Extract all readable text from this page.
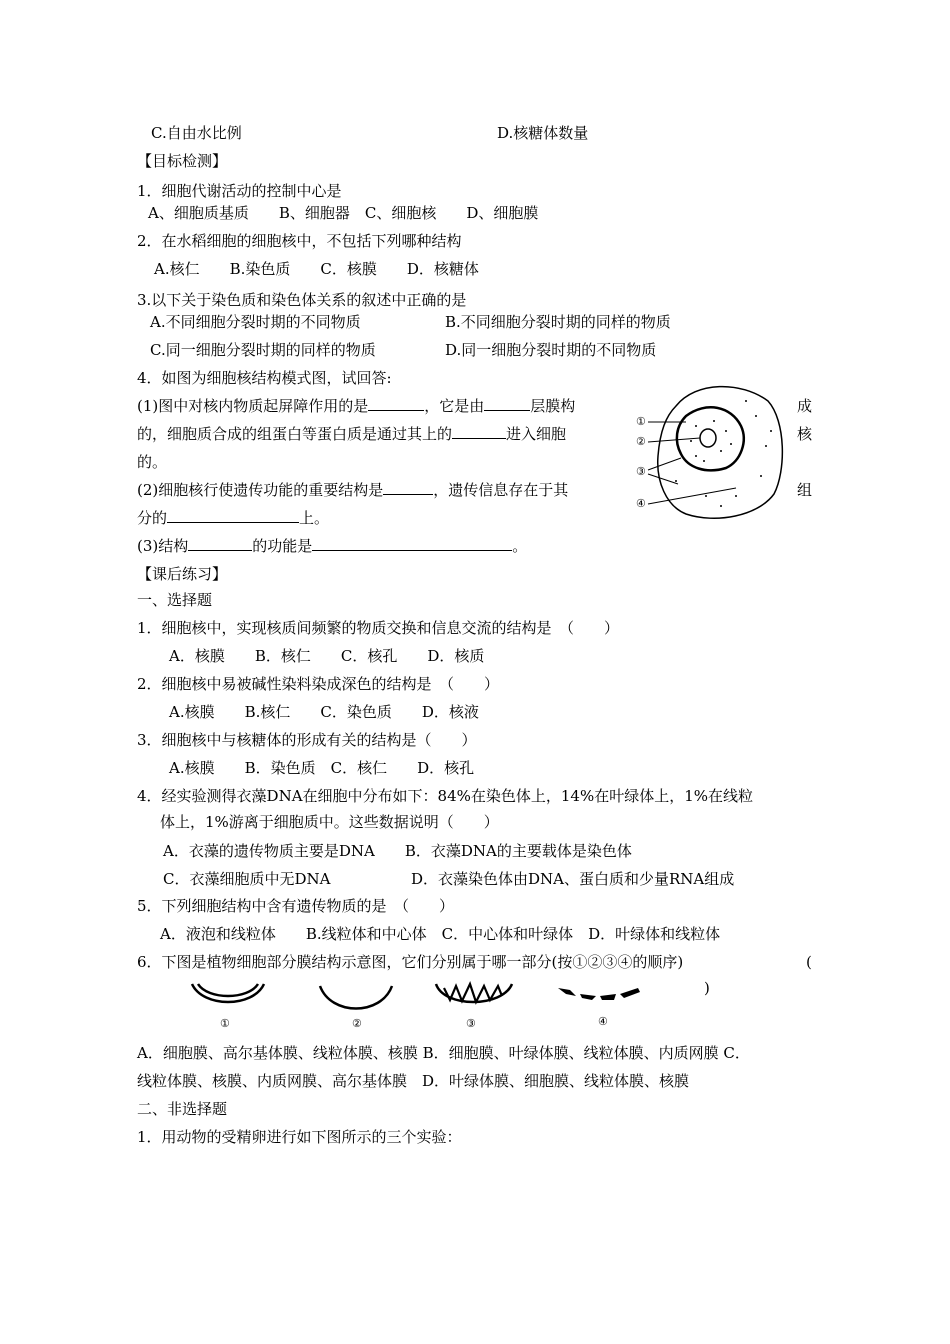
C.自由水比例	D.核糖体数量
【目标检测】
1．细胞代谢活动的控制中心是
A、细胞质基质　　B、细胞器　C、细胞核　　D、细胞膜
2．在水稻细胞的细胞核中，不包括下列哪种结构
A.核仁　　B.染色质　　C．核膜　　D．核糖体
3.以下关于染色质和染色体关系的叙述中正确的是
A.不同细胞分裂时期的不同物质	B.不同细胞分裂时期的同样的物质
C.同一细胞分裂时期的同样的物质	D.同一细胞分裂时期的不同物质
4．如图为细胞核结构模式图，试回答:
(1)图中对核内物质起屏障作用的是	，它是由	层膜构
的，细胞质合成的组蛋白等蛋白质是通过其上的	进入细胞
的。
(2)细胞核行使遗传功能的重要结构是	，遗传信息存在于其
分的	上。
(3)结构	的功能是	。
成
核
组
①
②
③
④
【课后练习】
一、选择题
1．细胞核中，实现核质间频繁的物质交换和信息交流的结构是　（　　）
A．核膜　　B．核仁　　C．核孔　　D．核质
2．细胞核中易被碱性染料染成深色的结构是　（　　）
A.核膜　　B.核仁　　C．染色质　　D．核液
3．细胞核中与核糖体的形成有关的结构是（　　）
A.核膜　　B．染色质　C．核仁　　D．核孔
4．经实验测得衣藻DNA在细胞中分布如下：84%在染色体上，14%在叶绿体上，1%在线粒
体上，1%游离于细胞质中。这些数据说明（　　）
A．衣藻的遗传物质主要是DNA　　B．衣藻DNA的主要载体是染色体
C．衣藻细胞质中无DNA	D．衣藻染色体由DNA、蛋白质和少量RNA组成
5．下列细胞结构中含有遗传物质的是　（　　）
A．液泡和线粒体　　B.线粒体和中心体　C．中心体和叶绿体　D．叶绿体和线粒体
6．下图是植物细胞部分膜结构示意图，它们分别属于哪一部分(按①②③④的顺序)	(
)
①	②	③	④
A．细胞膜、高尔基体膜、线粒体膜、核膜 B．细胞膜、叶绿体膜、线粒体膜、内质网膜 C．
线粒体膜、核膜、内质网膜、高尔基体膜　D．叶绿体膜、细胞膜、线粒体膜、核膜
二、非选择题
1．用动物的受精卵进行如下图所示的三个实验：
